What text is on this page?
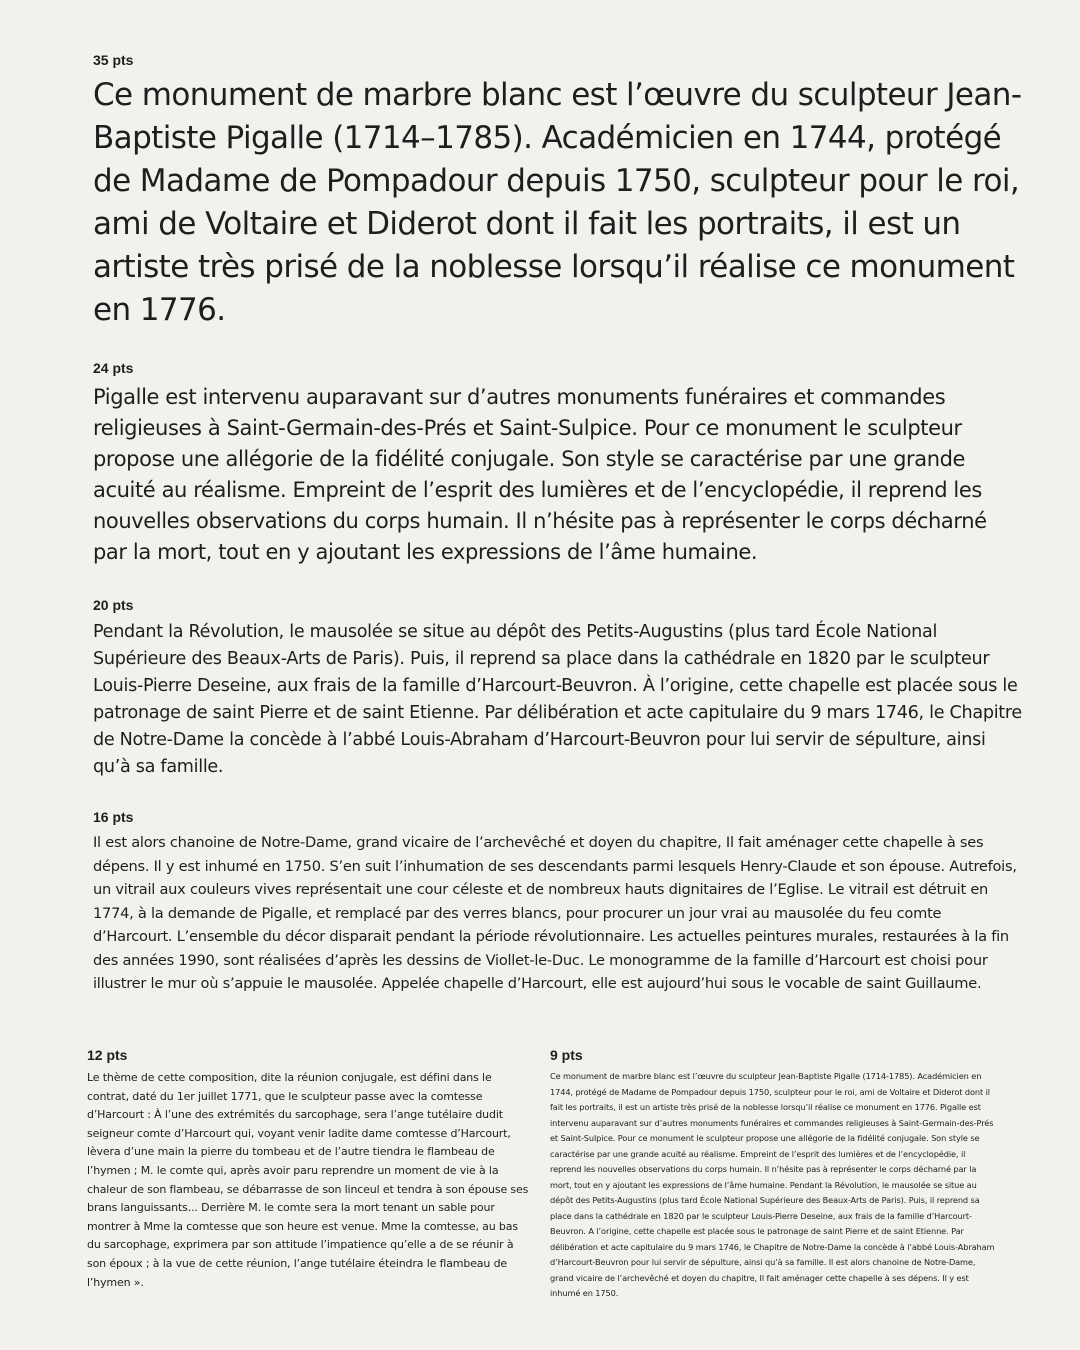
35 pts

Ce monument de marbre blanc est l’œuvre du sculpteur Jean-Baptiste Pigalle (1714–1785). Académicien en 1744, protégé de Madame de Pompadour depuis 1750, sculpteur pour le roi, ami de Voltaire et Diderot dont il fait les portraits, il est un artiste très prisé de la noblesse lorsqu’il réalise ce monument en 1776.

24 pts

Pigalle est intervenu auparavant sur d’autres monuments funéraires et commandes religieuses à Saint-Germain-des-Prés et Saint-Sulpice. Pour ce monument le sculpteur propose une allégorie de la fidélité conjugale. Son style se caractérise par une grande acuité au réalisme. Empreint de l’esprit des lumières et de l’encyclopédie, il reprend les nouvelles observations du corps humain. Il n’hésite pas à représenter le corps décharné par la mort, tout en y ajoutant les expressions de l’âme humaine.

20 pts

Pendant la Révolution, le mausolée se situe au dépôt des Petits-Augustins (plus tard École National Supérieure des Beaux-Arts de Paris). Puis, il reprend sa place dans la cathédrale en 1820 par le sculpteur Louis-Pierre Deseine, aux frais de la famille d’Harcourt-Beuvron. À l’origine, cette chapelle est placée sous le patronage de saint Pierre et de saint Etienne. Par délibération et acte capitulaire du 9 mars 1746, le Chapitre de Notre-Dame la concède à l’abbé Louis-Abraham d’Harcourt-Beuvron pour lui servir de sépulture, ainsi qu’à sa famille.

16 pts

Il est alors chanoine de Notre-Dame, grand vicaire de l’archevêché et doyen du chapitre, Il fait aménager cette chapelle à ses dépens. Il y est inhumé en 1750. S’en suit l’inhumation de ses descendants parmi lesquels Henry-Claude et son épouse. Autrefois, un vitrail aux couleurs vives représentait une cour céleste et de nombreux hauts dignitaires de l’Eglise. Le vitrail est détruit en 1774, à la demande de Pigalle, et remplacé par des verres blancs, pour procurer un jour vrai au mausolée du feu comte d’Harcourt. L’ensemble du décor disparait pendant la période révolutionnaire. Les actuelles peintures murales, restaurées à la fin des années 1990, sont réalisées d’après les dessins de Viollet-le-Duc. Le monogramme de la famille d’Harcourt est choisi pour illustrer le mur où s’appuie le mausolée. Appelée chapelle d’Harcourt, elle est aujourd’hui sous le vocable de saint Guillaume.

12 pts

Le thème de cette composition, dite la réunion conjugale, est défini dans le contrat, daté du 1er juillet 1771, que le sculpteur passe avec la comtesse d’Harcourt : À l’une des extrémités du sarcophage, sera l’ange tutélaire dudit seigneur comte d’Harcourt qui, voyant venir ladite dame comtesse d’Harcourt, lèvera d’une main la pierre du tombeau et de l’autre tiendra le flambeau de l’hymen ; M. le comte qui, après avoir paru reprendre un moment de vie à la chaleur de son flambeau, se débarrasse de son linceul et tendra à son épouse ses brans languissants... Derrière M. le comte sera la mort tenant un sable pour montrer à Mme la comtesse que son heure est venue. Mme la comtesse, au bas du sarcophage, exprimera par son attitude l’impatience qu’elle a de se réunir à son époux ; à la vue de cette réunion, l’ange tutélaire éteindra le flambeau de l’hymen ».

9 pts

Ce monument de marbre blanc est l’œuvre du sculpteur Jean-Baptiste Pigalle (1714-1785). Académicien en 1744, protégé de Madame de Pompadour depuis 1750, sculpteur pour le roi, ami de Voltaire et Diderot dont il fait les portraits, il est un artiste très prisé de la noblesse lorsqu’il réalise ce monument en 1776. Pigalle est intervenu auparavant sur d’autres monuments funéraires et commandes religieuses à Saint-Germain-des-Prés et Saint-Sulpice. Pour ce monument le sculpteur propose une allégorie de la fidélité conjugale. Son style se caractérise par une grande acuité au réalisme. Empreint de l’esprit des lumières et de l’encyclopédie, il reprend les nouvelles observations du corps humain. Il n’hésite pas à représenter le corps décharné par la mort, tout en y ajoutant les expressions de l’âme humaine. Pendant la Révolution, le mausolée se situe au dépôt des Petits-Augustins (plus tard École National Supérieure des Beaux-Arts de Paris). Puis, il reprend sa place dans la cathédrale en 1820 par le sculpteur Louis-Pierre Deseine, aux frais de la famille d’Harcourt-Beuvron. A l’origine, cette chapelle est placée sous le patronage de saint Pierre et de saint Etienne. Par délibération et acte capitulaire du 9 mars 1746, le Chapitre de Notre-Dame la concède à l’abbé Louis-Abraham d’Harcourt-Beuvron pour lui servir de sépulture, ainsi qu’à sa famille. Il est alors chanoine de Notre-Dame, grand vicaire de l’archevêché et doyen du chapitre, Il fait aménager cette chapelle à ses dépens. Il y est inhumé en 1750.
